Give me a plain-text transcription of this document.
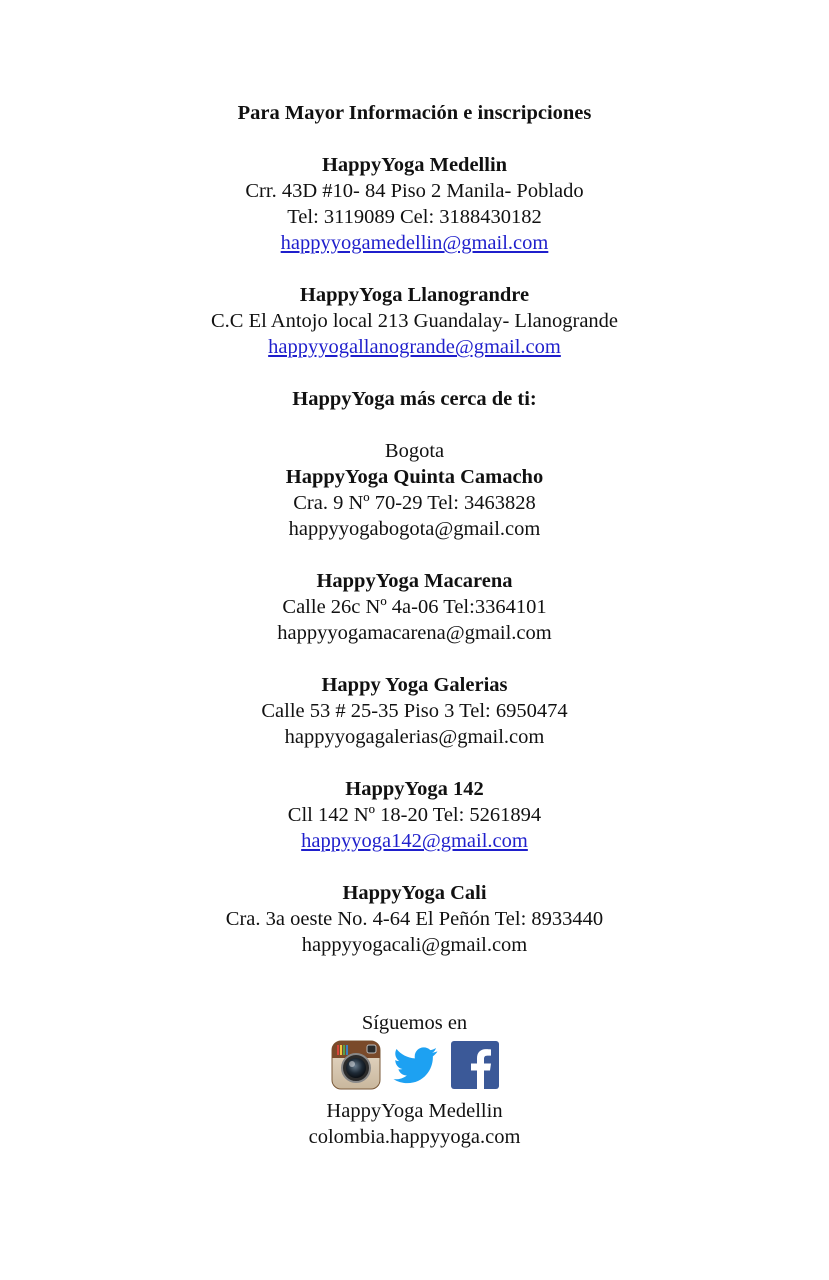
Para Mayor Información e inscripciones
HappyYoga Medellin
Crr. 43D #10- 84 Piso 2 Manila- Poblado
Tel: 3119089 Cel: 3188430182
happyyogamedellin@gmail.com
HappyYoga Llanograndre
C.C El Antojo local 213 Guandalay- Llanogrande
happyyogallanogrande@gmail.com
HappyYoga más cerca de ti:
Bogota
HappyYoga Quinta Camacho
Cra. 9 Nº 70-29 Tel: 3463828
happyyogabogota@gmail.com
HappyYoga Macarena
Calle 26c Nº 4a-06 Tel:3364101
happyyogamacarena@gmail.com
Happy Yoga Galerias
Calle 53 # 25-35 Piso 3 Tel: 6950474
happyyogagalerias@gmail.com
HappyYoga 142
Cll 142 Nº 18-20 Tel: 5261894
happyyoga142@gmail.com
HappyYoga Cali
Cra. 3a oeste No. 4-64 El Peñón Tel: 8933440
happyyogacali@gmail.com
Síguemos en
HappyYoga Medellin
colombia.happyyoga.com
